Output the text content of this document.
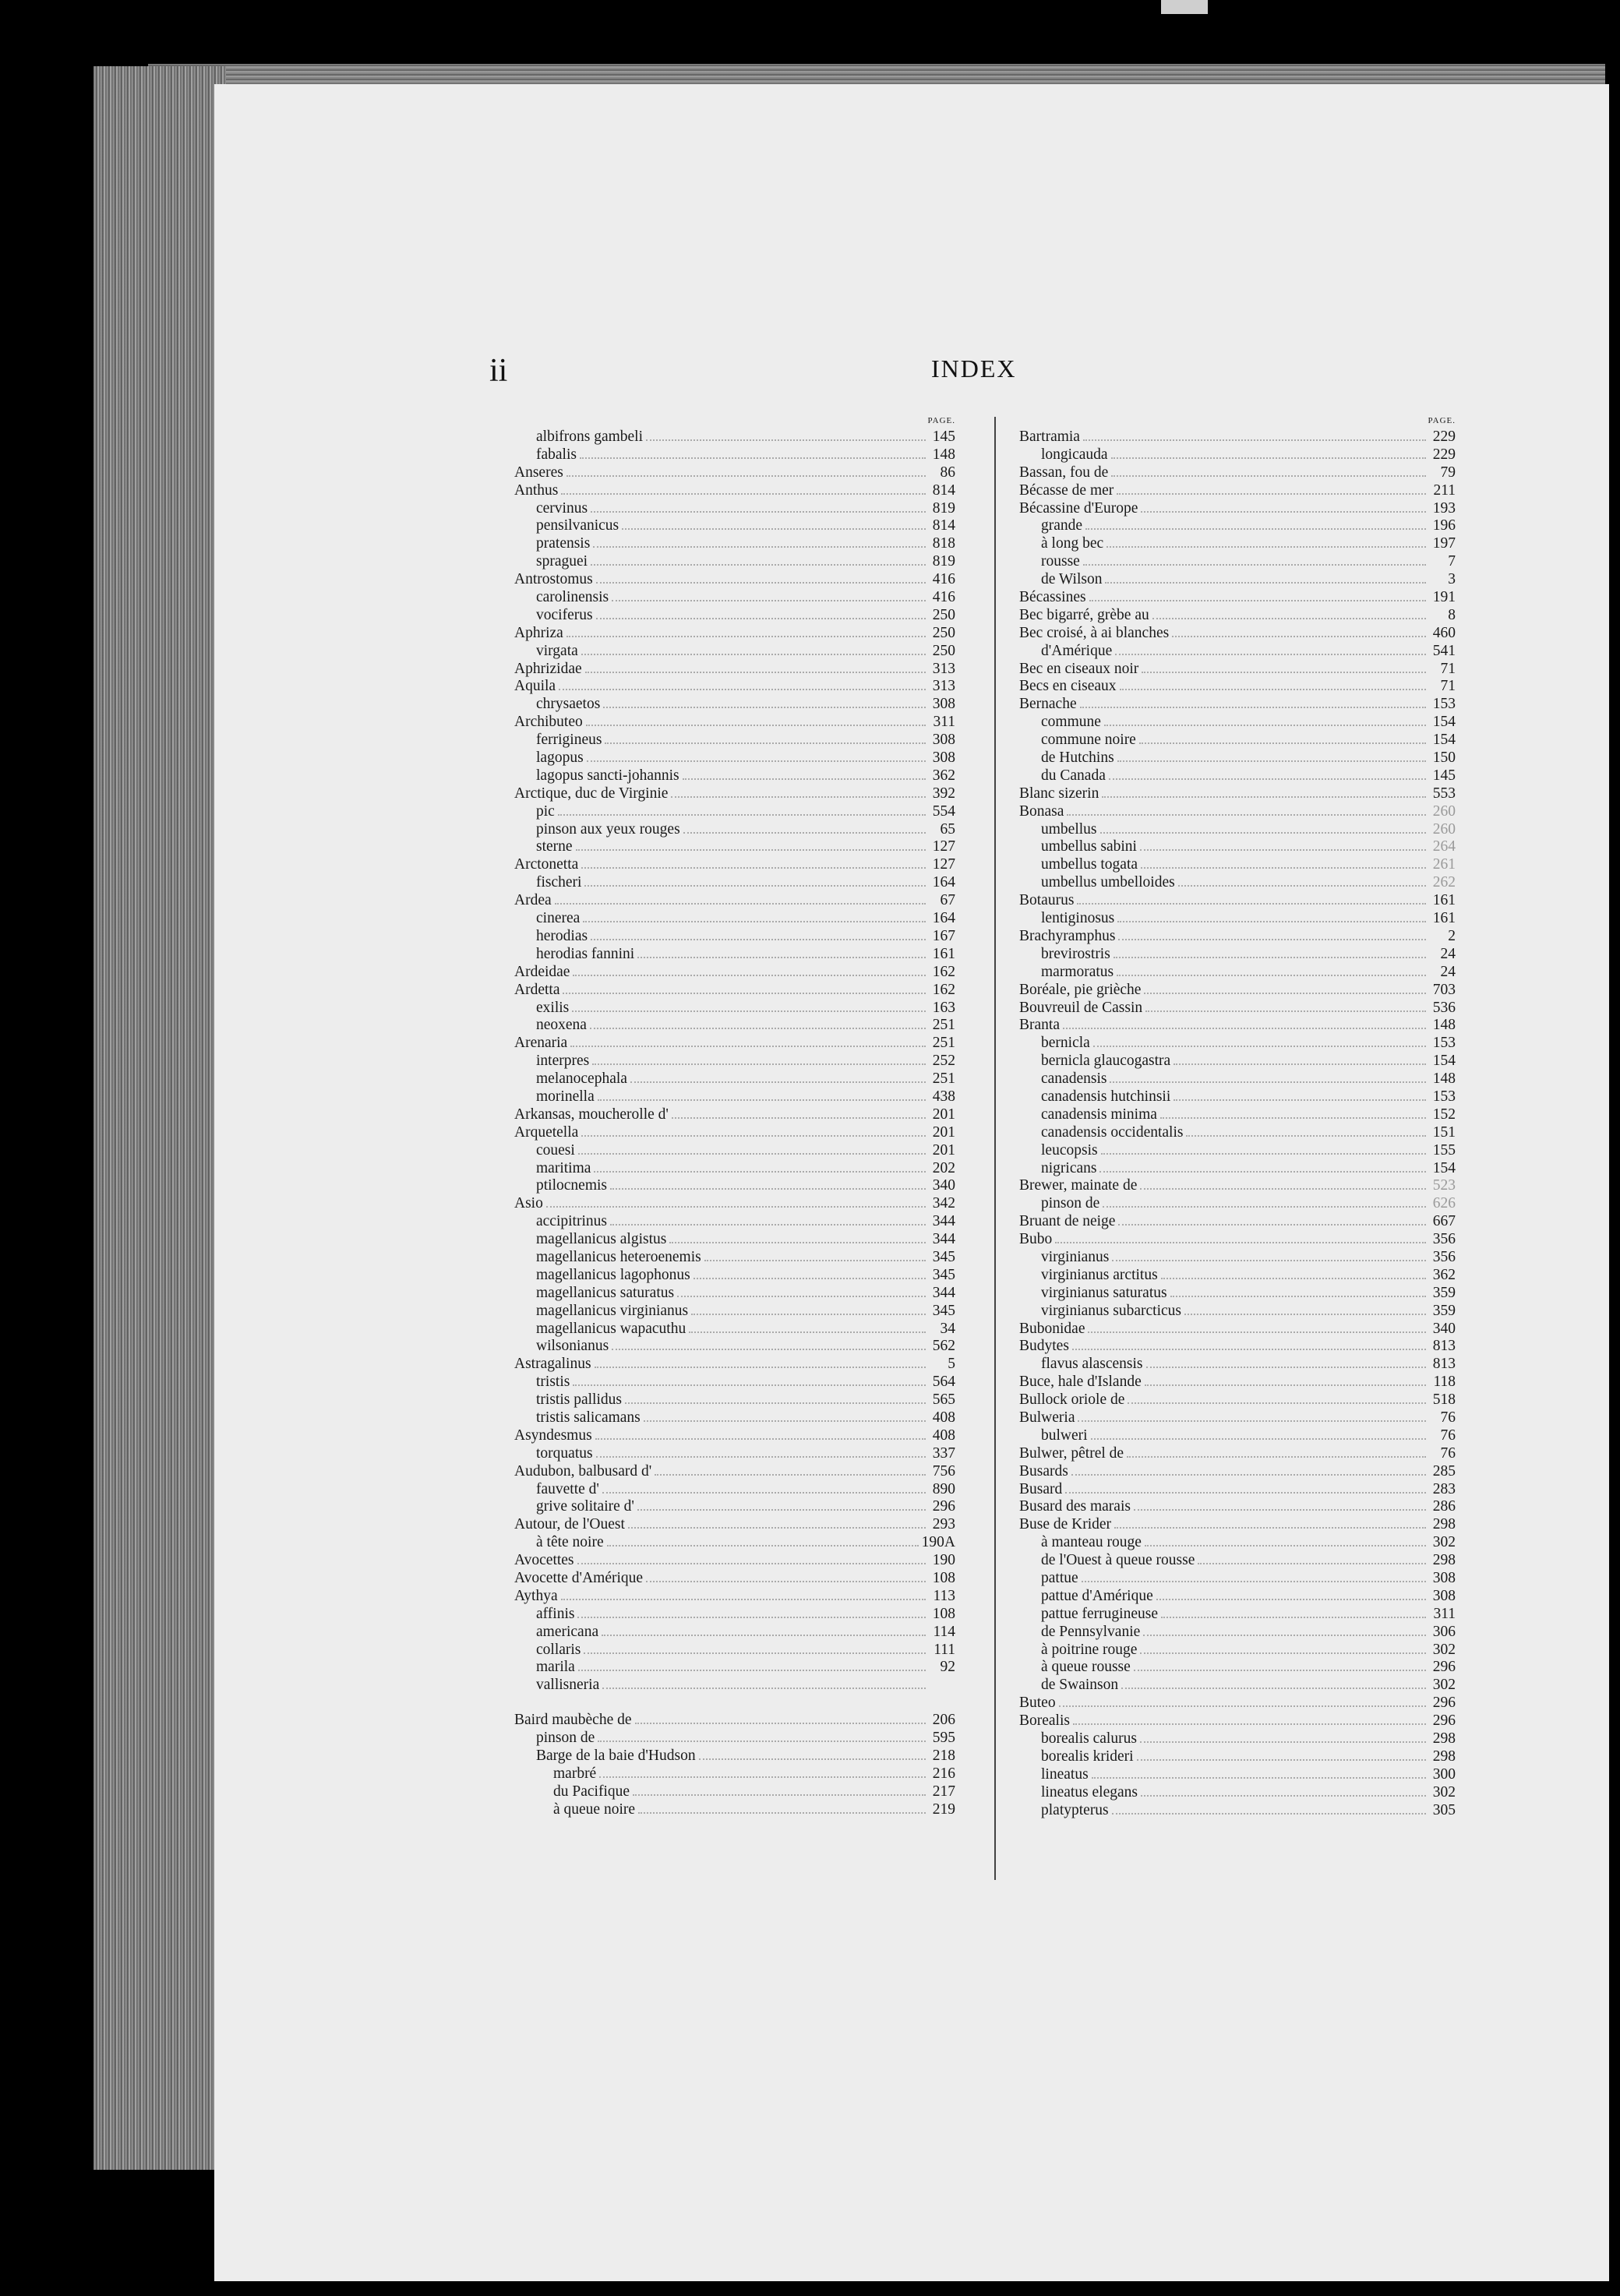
ii	INDEX
PAGE.
albifrons gambeli	145
fabalis	148
Anseres	86
Anthus	814
cervinus	819
pensilvanicus	814
pratensis	818
spraguei	819
Antrostomus	416
carolinensis	416
vociferus	250
Aphriza	250
virgata	250
Aphrizidae	313
Aquila	313
chrysaetos	308
Archibuteo	311
ferrigineus	308
lagopus	308
lagopus sancti-johannis	362
Arctique, duc de Virginie	392
pic	554
pinson aux yeux rouges	65
sterne	127
Arctonetta	127
fischeri	164
Ardea	67
cinerea	164
herodias	167
herodias fannini	161
Ardeidae	162
Ardetta	162
exilis	163
neoxena	251
Arenaria	251
interpres	252
melanocephala	251
morinella	438
Arkansas, moucherolle d'	201
Arquetella	201
couesi	201
maritima	202
ptilocnemis	340
Asio	342
accipitrinus	344
magellanicus algistus	344
magellanicus heteroenemis	345
magellanicus lagophonus	345
magellanicus saturatus	344
magellanicus virginianus	345
magellanicus wapacuthu	34
wilsonianus	562
Astragalinus	5
tristis	564
tristis pallidus	565
tristis salicamans	408
Asyndesmus	408
torquatus	337
Audubon, balbusard d'	756
fauvette d'	890
grive solitaire d'	296
Autour, de l'Ouest	293
à tête noire	190A
Avocettes	190
Avocette d'Amérique	108
Aythya	113
affinis	108
americana	114
collaris	111
marila	92
vallisneria
Baird maubèche de	206
pinson de	595
Barge de la baie d'Hudson	218
marbré	216
du Pacifique	217
à queue noire	219
PAGE.
Bartramia	229
longicauda	229
Bassan, fou de	79
Bécasse de mer	211
Bécassine d'Europe	193
grande	196
à long bec	197
rousse	7
de Wilson	3
Bécassines	191
Bec bigarré, grèbe au	8
Bec croisé, à ai blanches	460
d'Amérique	541
Bec en ciseaux noir	71
Becs en ciseaux	71
Bernache	153
commune	154
commune noire	154
de Hutchins	150
du Canada	145
Blanc sizerin	553
Bonasa	260
umbellus	260
umbellus sabini	264
umbellus togata	261
umbellus umbelloides	262
Botaurus	161
lentiginosus	161
Brachyramphus	2
brevirostris	24
marmoratus	24
Boréale, pie grièche	703
Bouvreuil de Cassin	536
Branta	148
bernicla	153
bernicla glaucogastra	154
canadensis	148
canadensis hutchinsii	153
canadensis minima	152
canadensis occidentalis	151
leucopsis	155
nigricans	154
Brewer, mainate de	523
pinson de	626
Bruant de neige	667
Bubo	356
virginianus	356
virginianus arctitus	362
virginianus saturatus	359
virginianus subarcticus	359
Bubonidae	340
Budytes	813
flavus alascensis	813
Buce, hale d'Islande	118
Bullock oriole de	518
Bulweria	76
bulweri	76
Bulwer, pêtrel de	76
Busards	285
Busard	283
Busard des marais	286
Buse de Krider	298
à manteau rouge	302
de l'Ouest à queue rousse	298
pattue	308
pattue d'Amérique	308
pattue ferrugineuse	311
de Pennsylvanie	306
à poitrine rouge	302
à queue rousse	296
de Swainson	302
Buteo	296
Borealis	296
borealis calurus	298
borealis krideri	298
lineatus	300
lineatus elegans	302
platypterus	305
